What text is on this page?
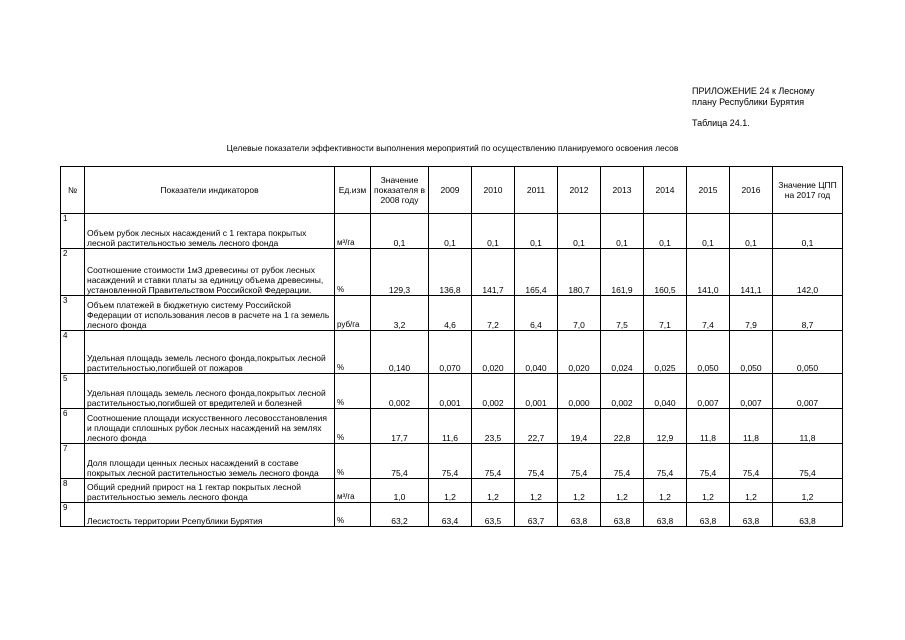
ПРИЛОЖЕНИЕ 24 к Лесному
плану Республики Бурятия
Таблица 24.1.
Целевые показатели эффективности выполнения мероприятий по осуществлению планируемого освоения лесов
№	Показатели индикаторов	Ед.изм	Значение показателя в 2008 году	2009	2010	2011	2012	2013	2014	2015	2016	Значение ЦПП на 2017 год
1	Объем рубок лесных насаждений с 1 гектара покрытых лесной растительностью земель лесного фонда	м³/га	0,1	0,1	0,1	0,1	0,1	0,1	0,1	0,1	0,1	0,1
2	Соотношение стоимости 1м3 древесины от рубок лесных насаждений и ставки платы за единицу объема древесины, установленной Правительством Российской Федерации.	%	129,3	136,8	141,7	165,4	180,7	161,9	160,5	141,0	141,1	142,0
3	Объем платежей в бюджетную систему Российской Федерации от использования лесов в расчете на 1 га земель лесного фонда	руб/га	3,2	4,6	7,2	6,4	7,0	7,5	7,1	7,4	7,9	8,7
4	Удельная площадь земель лесного фонда,покрытых лесной растительностью,погибшей от пожаров	%	0,140	0,070	0,020	0,040	0,020	0,024	0,025	0,050	0,050	0,050
5	Удельная площадь земель лесного фонда,покрытых лесной растительностью,погибшей от вредителей и болезней	%	0,002	0,001	0,002	0,001	0,000	0,002	0,040	0,007	0,007	0,007
6	Соотношение площади искусственного лесовосстановления и площади сплошных рубок лесных насаждений на землях лесного фонда	%	17,7	11,6	23,5	22,7	19,4	22,8	12,9	11,8	11,8	11,8
7	Доля площади ценных лесных насаждений в составе покрытых лесной растительностью земель лесного фонда	%	75,4	75,4	75,4	75,4	75,4	75,4	75,4	75,4	75,4	75,4
8	Общий средний прирост на 1 гектар покрытых лесной растительностью земель лесного фонда	м³/га	1,0	1,2	1,2	1,2	1,2	1,2	1,2	1,2	1,2	1,2
9	Лесистость территории Рсепублики Бурятия	%	63,2	63,4	63,5	63,7	63,8	63,8	63,8	63,8	63,8	63,8
